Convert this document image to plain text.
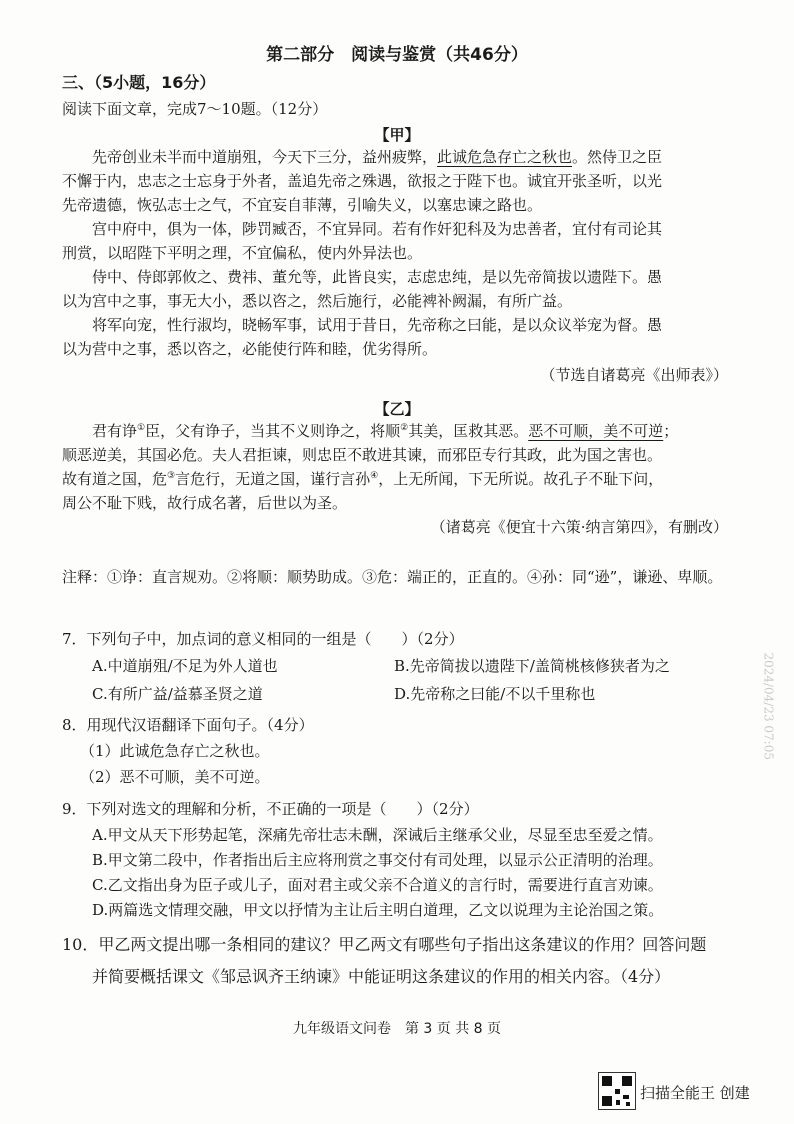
第二部分　阅读与鉴赏（共46分）
三、（5小题，16分）
阅读下面文章，完成7～10题。（12分）
【甲】
先帝创业未半而中道崩殂，今天下三分，益州疲弊，此诚危急存亡之秋也。然侍卫之臣
不懈于内，忠志之士忘身于外者，盖追先帝之殊遇，欲报之于陛下也。诚宜开张圣听，以光
先帝遗德，恢弘志士之气，不宜妄自菲薄，引喻失义，以塞忠谏之路也。
宫中府中，俱为一体，陟罚臧否，不宜异同。若有作奸犯科及为忠善者，宜付有司论其
刑赏，以昭陛下平明之理，不宜偏私，使内外异法也。
侍中、侍郎郭攸之、费祎、董允等，此皆良实，志虑忠纯，是以先帝简拔以遗陛下。愚
以为宫中之事，事无大小，悉以咨之，然后施行，必能裨补阙漏，有所广益。
将军向宠，性行淑均，晓畅军事，试用于昔日，先帝称之曰能，是以众议举宠为督。愚
以为营中之事，悉以咨之，必能使行阵和睦，优劣得所。
（节选自诸葛亮《出师表》）
【乙】
君有诤①臣，父有诤子，当其不义则诤之，将顺②其美，匡救其恶。恶不可顺，美不可逆；
顺恶逆美，其国必危。夫人君拒谏，则忠臣不敢进其谏，而邪臣专行其政，此为国之害也。
故有道之国，危③言危行，无道之国，谨行言孙④，上无所闻，下无所说。故孔子不耻下问，
周公不耻下贱，故行成名著，后世以为圣。
（诸葛亮《便宜十六策·纳言第四》，有删改）
注释：①诤：直言规劝。②将顺：顺势助成。③危：端正的，正直的。④孙：同“逊”，谦逊、卑顺。
7．下列句子中，加点词的意义相同的一组是（　　）（2分）
A.中道崩殂/不足为外人道也	B.先帝简拔以遗陛下/盖简桃核修狭者为之
C.有所广益/益慕圣贤之道	D.先帝称之曰能/不以千里称也
8．用现代汉语翻译下面句子。（4分）
（1）此诚危急存亡之秋也。
（2）恶不可顺，美不可逆。
9．下列对选文的理解和分析，不正确的一项是（　　）（2分）
A.甲文从天下形势起笔，深痛先帝壮志未酬，深诫后主继承父业，尽显至忠至爱之情。
B.甲文第二段中，作者指出后主应将刑赏之事交付有司处理，以显示公正清明的治理。
C.乙文指出身为臣子或儿子，面对君主或父亲不合道义的言行时，需要进行直言劝谏。
D.两篇选文情理交融，甲文以抒情为主让后主明白道理，乙文以说理为主论治国之策。
10．甲乙两文提出哪一条相同的建议？甲乙两文有哪些句子指出这条建议的作用？回答问题
并简要概括课文《邹忌讽齐王纳谏》中能证明这条建议的作用的相关内容。（4分）
九年级语文问卷　第 3 页 共 8 页
2024/04/23 07:05
扫描全能王 创建
